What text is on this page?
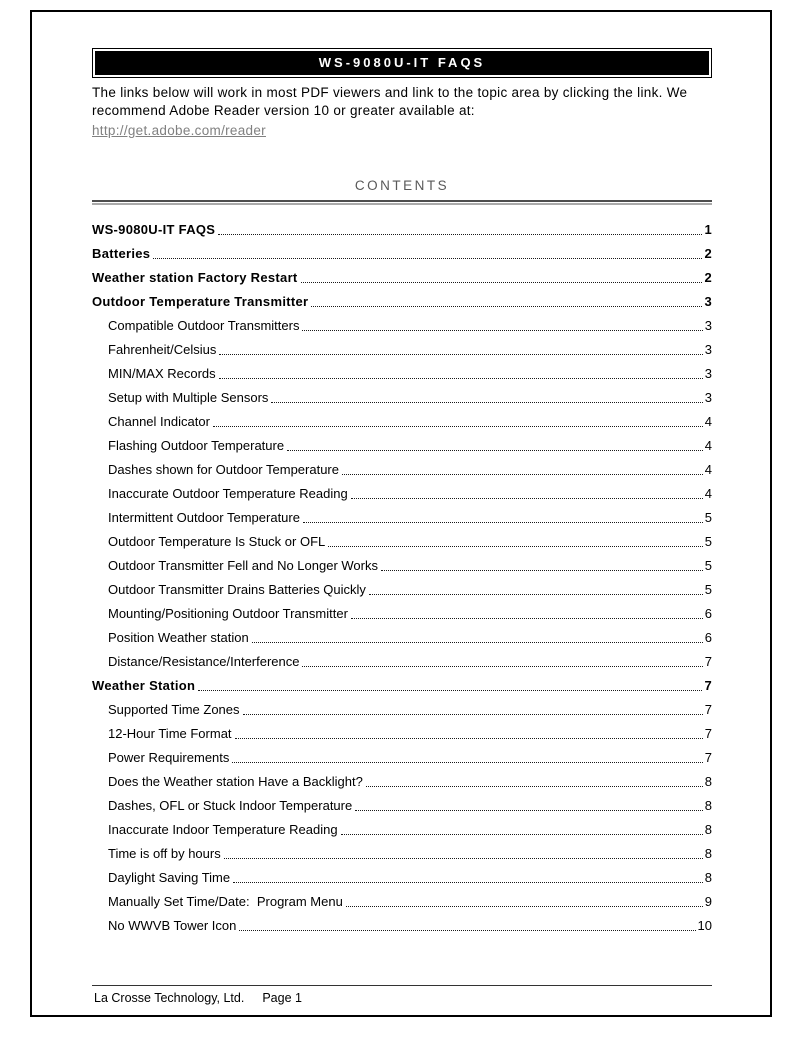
WS-9080U-IT FAQS

The links below will work in most PDF viewers and link to the topic area by clicking the link. We recommend Adobe Reader version 10 or greater available at:
http://get.adobe.com/reader

CONTENTS
WS-9080U-IT FAQS	1
Batteries	2
Weather station Factory Restart	2
Outdoor Temperature Transmitter	3
Compatible Outdoor Transmitters	3
Fahrenheit/Celsius	3
MIN/MAX Records	3
Setup with Multiple Sensors	3
Channel Indicator	4
Flashing Outdoor Temperature	4
Dashes shown for Outdoor Temperature	4
Inaccurate Outdoor Temperature Reading	4
Intermittent Outdoor Temperature	5
Outdoor Temperature Is Stuck or OFL	5
Outdoor Transmitter Fell and No Longer Works	5
Outdoor Transmitter Drains Batteries Quickly	5
Mounting/Positioning Outdoor Transmitter	6
Position Weather station	6
Distance/Resistance/Interference	7
Weather Station	7
Supported Time Zones	7
12-Hour Time Format	7
Power Requirements	7
Does the Weather station Have a Backlight?	8
Dashes, OFL or Stuck Indoor Temperature	8
Inaccurate Indoor Temperature Reading	8
Time is off by hours	8
Daylight Saving Time	8
Manually Set Time/Date:  Program Menu	9
No WWVB Tower Icon	10
La Crosse Technology, Ltd. Page 1
